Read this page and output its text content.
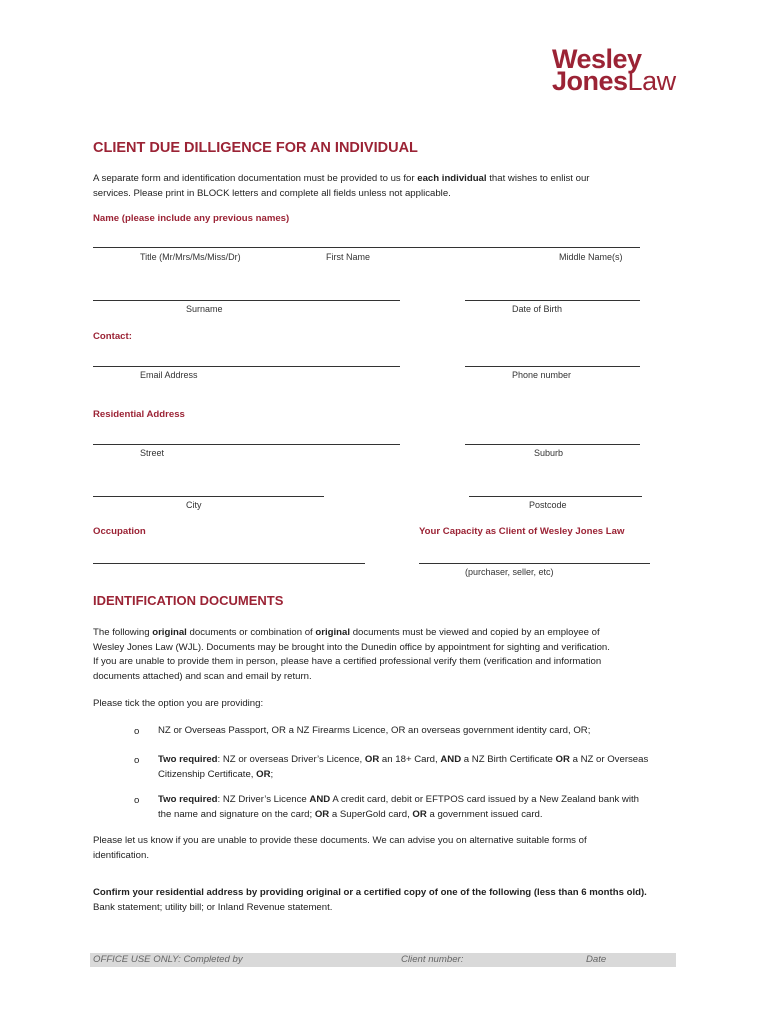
Wesley
JonesLaw
CLIENT DUE DILLIGENCE FOR AN INDIVIDUAL
A separate form and identification documentation must be provided to us for each individual that wishes to enlist our
services. Please print in BLOCK letters and complete all fields unless not applicable.
Name (please include any previous names)
Title (Mr/Mrs/Ms/Miss/Dr)	First Name	Middle Name(s)
Surname	Date of Birth
Contact:
Email Address	Phone number
Residential Address
Street	Suburb
City	Postcode
Occupation	Your Capacity as Client of Wesley Jones Law
(purchaser, seller, etc)
IDENTIFICATION DOCUMENTS
The following original documents or combination of original documents must be viewed and copied by an employee of
Wesley Jones Law (WJL). Documents may be brought into the Dunedin office by appointment for sighting and verification.
If you are unable to provide them in person, please have a certified professional verify them (verification and information
documents attached) and scan and email by return.
Please tick the option you are providing:
o NZ or Overseas Passport, OR a NZ Firearms Licence, OR an overseas government identity card, OR;
o Two required: NZ or overseas Driver’s Licence, OR an 18+ Card, AND a NZ Birth Certificate OR a NZ or Overseas
Citizenship Certificate, OR;
o Two required: NZ Driver’s Licence AND A credit card, debit or EFTPOS card issued by a New Zealand bank with
the name and signature on the card; OR a SuperGold card, OR a government issued card.
Please let us know if you are unable to provide these documents. We can advise you on alternative suitable forms of
identification.
Confirm your residential address by providing original or a certified copy of one of the following (less than 6 months old).
Bank statement; utility bill; or Inland Revenue statement.
OFFICE USE ONLY: Completed by	Client number:	Date
